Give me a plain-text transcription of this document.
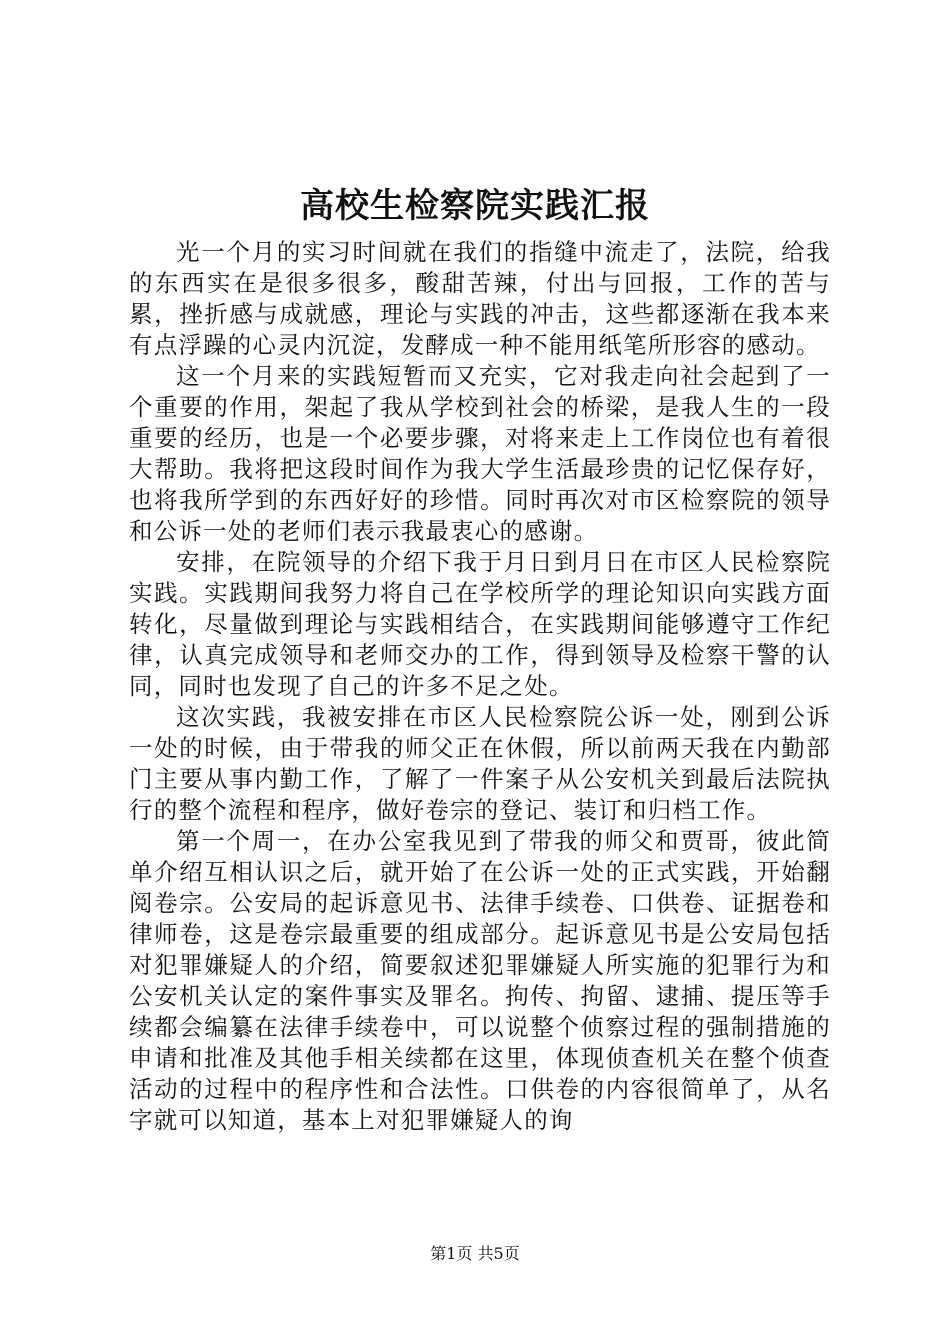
高校生检察院实践汇报

光一个月的实习时间就在我们的指缝中流走了，法院，给我的东西实在是很多很多，酸甜苦辣，付出与回报，工作的苦与累，挫折感与成就感，理论与实践的冲击，这些都逐渐在我本来有点浮躁的心灵内沉淀，发酵成一种不能用纸笔所形容的感动。

这一个月来的实践短暂而又充实，它对我走向社会起到了一个重要的作用，架起了我从学校到社会的桥梁，是我人生的一段重要的经历，也是一个必要步骤，对将来走上工作岗位也有着很大帮助。我将把这段时间作为我大学生活最珍贵的记忆保存好，也将我所学到的东西好好的珍惜。同时再次对市区检察院的领导和公诉一处的老师们表示我最衷心的感谢。

安排，在院领导的介绍下我于月日到月日在市区人民检察院实践。实践期间我努力将自己在学校所学的理论知识向实践方面转化，尽量做到理论与实践相结合，在实践期间能够遵守工作纪律，认真完成领导和老师交办的工作，得到领导及检察干警的认同，同时也发现了自己的许多不足之处。

这次实践，我被安排在市区人民检察院公诉一处，刚到公诉一处的时候，由于带我的师父正在休假，所以前两天我在内勤部门主要从事内勤工作，了解了一件案子从公安机关到最后法院执行的整个流程和程序，做好卷宗的登记、装订和归档工作。

第一个周一，在办公室我见到了带我的师父和贾哥，彼此简单介绍互相认识之后，就开始了在公诉一处的正式实践，开始翻阅卷宗。公安局的起诉意见书、法律手续卷、口供卷、证据卷和律师卷，这是卷宗最重要的组成部分。起诉意见书是公安局包括对犯罪嫌疑人的介绍，简要叙述犯罪嫌疑人所实施的犯罪行为和公安机关认定的案件事实及罪名。拘传、拘留、逮捕、提压等手续都会编纂在法律手续卷中，可以说整个侦察过程的强制措施的申请和批准及其他手相关续都在这里，体现侦查机关在整个侦查活动的过程中的程序性和合法性。口供卷的内容很简单了，从名字就可以知道，基本上对犯罪嫌疑人的询

第1页 共5页
